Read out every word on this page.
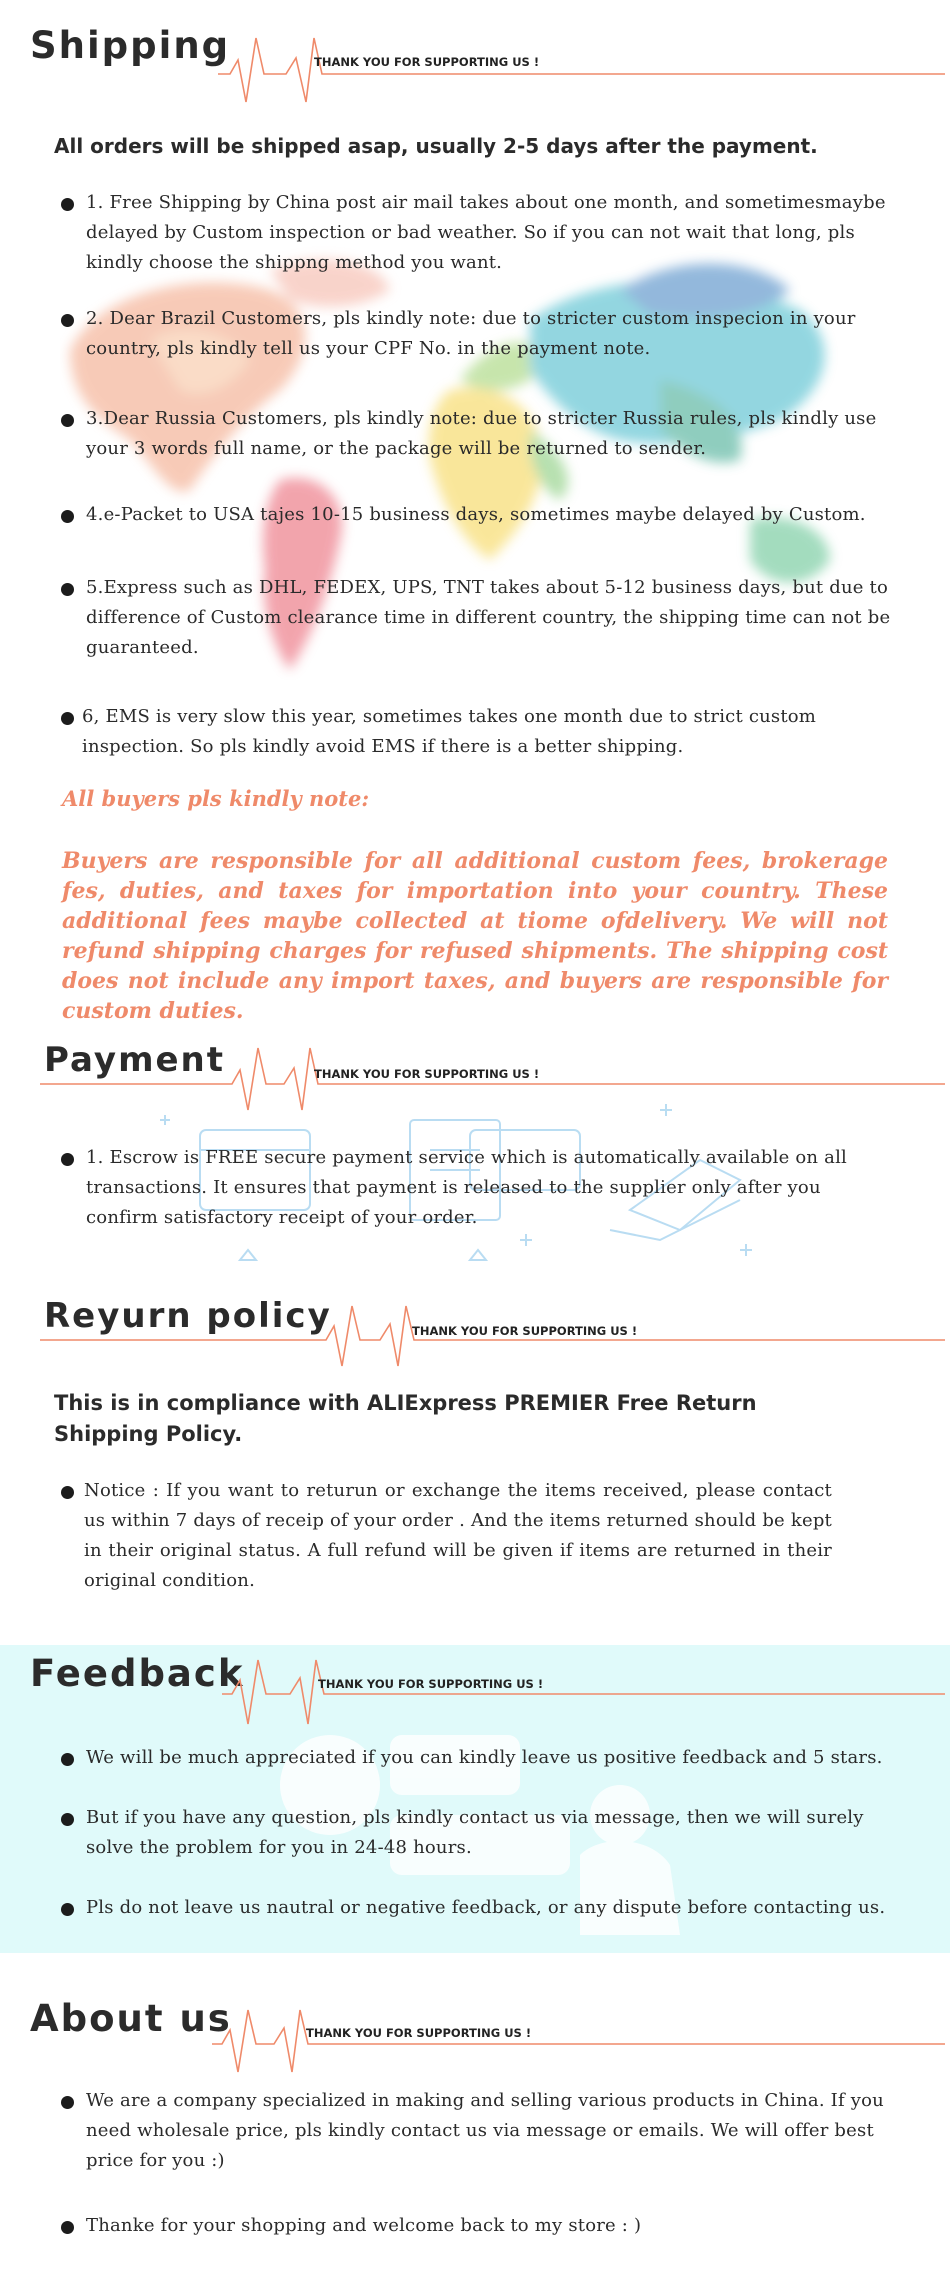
Shipping	THANK YOU FOR SUPPORTING US !
All orders will be shipped asap, usually 2-5 days after the payment.
1. Free Shipping by China post air mail takes about one month, and sometimesmaybe delayed by Custom inspection or bad weather. So if you can not wait that long, pls kindly choose the shippng method you want.
2. Dear Brazil Customers, pls kindly note: due to stricter custom inspecion in your country, pls kindly tell us your CPF No. in the payment note.
3.Dear Russia Customers, pls kindly note: due to stricter Russia rules, pls kindly use your 3 words full name, or the package will be returned to sender.
4.e-Packet to USA tajes 10-15 business days, sometimes maybe delayed by Custom.
5.Express such as DHL, FEDEX, UPS, TNT takes about 5-12 business days, but due to difference of Custom clearance time in different country, the shipping time can not be guaranteed.
6, EMS is very slow this year, sometimes takes one month due to strict custom inspection. So pls kindly avoid EMS if there is a better shipping.
All buyers pls kindly note:
Buyers are responsible for all additional custom fees, brokerage fes, duties, and taxes for importation into your country. These additional fees maybe collected at tiome ofdelivery. We will not refund shipping charges for refused shipments. The shipping cost does not include any import taxes, and buyers are responsible for custom duties.
Payment	THANK YOU FOR SUPPORTING US !
1. Escrow is FREE secure payment service which is automatically available on all transactions. It ensures that payment is released to the supplier only after you confirm satisfactory receipt of your order.
Reyurn policy	THANK YOU FOR SUPPORTING US !
This is in compliance with ALIExpress PREMIER Free Return Shipping Policy.
Notice : If you want to returun or exchange the items received, please contact us within 7 days of receip of your order . And the items returned should be kept in their original status. A full refund will be given if items are returned in their original condition.
Feedback	THANK YOU FOR SUPPORTING US !
We will be much appreciated if you can kindly leave us positive feedback and 5 stars.
But if you have any question, pls kindly contact us via message, then we will surely solve the problem for you in 24-48 hours.
Pls do not leave us nautral or negative feedback, or any dispute before contacting us.
About us	THANK YOU FOR SUPPORTING US !
We are a company specialized in making and selling various products in China. If you need wholesale price, pls kindly contact us via message or emails. We will offer best price for you :)
Thanke for your shopping and welcome back to my store : )
